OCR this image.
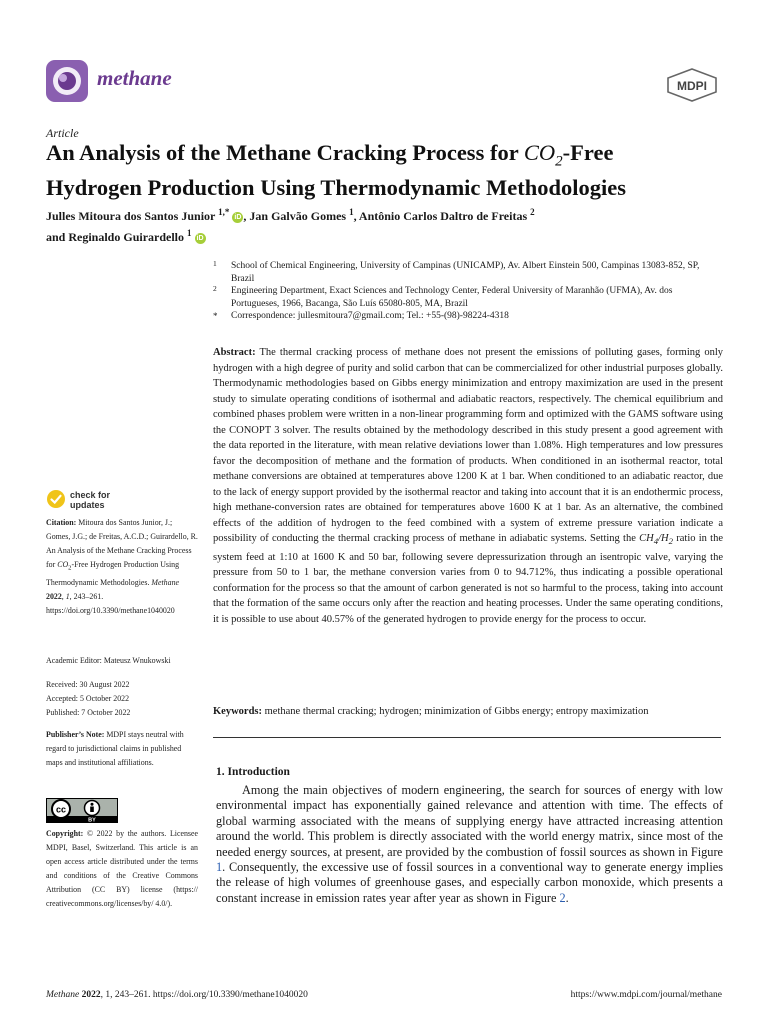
methane	MDPI
Article
An Analysis of the Methane Cracking Process for $CO_2$-Free
Hydrogen Production Using Thermodynamic Methodologies
Julles Mitoura dos Santos Junior $^{1,*}$ iD , Jan Galvão Gomes $^1$, Antônio Carlos Daltro de Freitas $^2$
and Reginaldo Guirardello $^1$ iD
1 School of Chemical Engineering, University of Campinas (UNICAMP), Av. Albert Einstein 500, Campinas 13083-852, SP, Brazil
2 Engineering Department, Exact Sciences and Technology Center, Federal University of Maranhão (UFMA), Av. dos Portugueses, 1966, Bacanga, São Luís 65080-805, MA, Brazil
* Correspondence: jullesmitoura7@gmail.com; Tel.: +55-(98)-98224-4318
Abstract: The thermal cracking process of methane does not present the emissions of polluting gases, forming only hydrogen with a high degree of purity and solid carbon that can be commercialized for other industrial purposes globally. Thermodynamic methodologies based on Gibbs energy minimization and entropy maximization are used in the present study to simulate operating conditions of isothermal and adiabatic reactors, respectively. The chemical equilibrium and combined phases problem were written in a non-linear programming form and optimized with the GAMS software using the CONOPT 3 solver. The results obtained by the methodology described in this study present a good agreement with the data reported in the literature, with mean relative deviations lower than 1.08%. High temperatures and low pressures favor the decomposition of methane and the formation of products. When conditioned in an isothermal reactor, total methane conversions are obtained at temperatures above 1200 K at 1 bar. When conditioned to an adiabatic reactor, due to the lack of energy support provided by the isothermal reactor and taking into account that it is an endothermic process, high methane-conversion rates are obtained for temperatures above 1600 K at 1 bar. As an alternative, the combined effects of the addition of hydrogen to the feed combined with a system of extreme pressure variation indicate a possibility of conducting the thermal cracking process of methane in adiabatic systems. Setting the $CH_4/H_2$ ratio in the system feed at 1:10 at 1600 K and 50 bar, following severe depressurization through an isentropic valve, varying the pressure from 50 to 1 bar, the methane conversion varies from 0 to 94.712%, thus indicating a possible operational conformation for the process so that the amount of carbon generated is not so harmful to the process, taking into account that the formation of the same occurs only after the reaction and heating processes. Under the same operating conditions, it is possible to use about 40.57% of the generated hydrogen to provide energy for the process to occur.
Keywords: methane thermal cracking; hydrogen; minimization of Gibbs energy; entropy maximization
1. Introduction
Among the main objectives of modern engineering, the search for sources of energy with low environmental impact has exponentially gained relevance and attention with time. The effects of global warming associated with the means of supplying energy have attracted increasing attention around the world. This problem is directly associated with the world energy matrix, since most of the needed energy sources, at present, are provided by the combustion of fossil sources as shown in Figure 1. Consequently, the excessive use of fossil sources in a conventional way to generate energy implies the release of high volumes of greenhouse gases, and especially carbon monoxide, which presents a constant increase in emission rates year after year as shown in Figure 2.
check for
updates
Citation: Mitoura dos Santos Junior, J.; Gomes, J.G.; de Freitas, A.C.D.; Guirardello, R. An Analysis of the Methane Cracking Process for $CO_2$-Free Hydrogen Production Using Thermodynamic Methodologies. Methane 2022, 1, 243–261. https://doi.org/10.3390/methane1040020
Academic Editor: Mateusz Wnukowski
Received: 30 August 2022
Accepted: 5 October 2022
Published: 7 October 2022
Publisher’s Note: MDPI stays neutral with regard to jurisdictional claims in published maps and institutional affiliations.
cc
BY
Copyright: © 2022 by the authors. Licensee MDPI, Basel, Switzerland. This article is an open access article distributed under the terms and conditions of the Creative Commons Attribution (CC BY) license (https:// creativecommons.org/licenses/by/ 4.0/).
Methane 2022, 1, 243–261. https://doi.org/10.3390/methane1040020	https://www.mdpi.com/journal/methane
